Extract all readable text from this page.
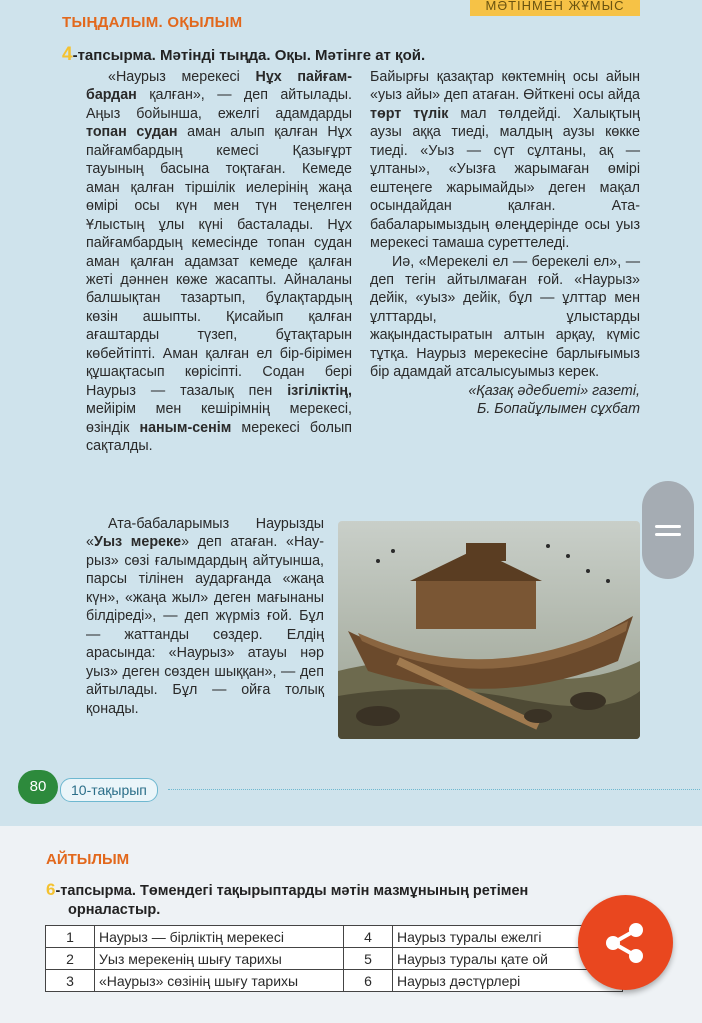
МӘТІНМЕН ЖҰМЫС
ТЫҢДАЛЫМ. ОҚЫЛЫМ
4-тапсырма. Мәтінді тыңда. Оқы. Мәтінге ат қой.

«Наурыз мерекесі Нұх пайғамбардан қалған», — деп айтылады. Аңыз бойынша, ежелгі адамдарды топан судан аман алып қалған Нұх пайғамбардың кемесі Қазығұрт тауының басына тоқтаған. Кемеде аман қалған тіршілік иелерінің жаңа өмірі осы күн мен түн теңелген Ұлыстың ұлы күні басталады. Нұх пайғамбардың кемесінде топан судан аман қалған адамзат кемеде қалған жеті дәннен көже жасапты. Айналаны балшықтан тазартып, бұлақтардың көзін ашыпты. Қисайып қалған ағаштарды түзеп, бұтақтарын көбейтіпті. Аман қалған ел бір-бірімен құшақтасып көрісіпті. Содан бері Наурыз — тазалық пен ізгіліктің, мейірім мен кешірімнің мерекесі, өзіндік наным-сенім мерекесі болып сақталды.

Ата-бабаларымыз Наурызды «Уыз мереке» деп атаған. «Наурыз» сөзі ғалымдардың айтуынша, парсы тілінен аударғанда «жаңа күн», «жаңа жыл» деген мағынаны білдіреді», — деп жүрміз ғой. Бұл — жаттанды сөздер. Елдің арасында: «Наурыз» атауы нәр уыз» деген сөзден шыққан», — деп айтылады. Бұл — ойға толық қонады.

Байырғы қазақтар көктемнің осы айын «уыз айы» деп атаған. Өйткені осы айда төрт түлік мал төлдейді. Халықтың аузы аққа тиеді, малдың аузы көкке тиеді. «Уыз — сүт сұлтаны, ақ — ұлтаны», «Уызға жарымаған өмірі ештеңеге жарымайды» деген мақал осындайдан қалған. Ата-бабаларымыздың өлеңдерінде осы уыз мерекесі тамаша суреттеледі.

Иә, «Мерекелі ел — берекелі ел», — деп тегін айтылмаған ғой. «Наурыз» дейік, «уыз» дейік, бұл — ұлттар мен ұлттарды, ұлыстарды жақындастыратын алтын арқау, күміс тұтқа. Наурыз мерекесіне барлығымыз бір адамдай атсалысуымыз керек.

«Қазақ әдебиеті» газеті,
Б. Бопайұлымен сұхбат

80	10-тақырып
АЙТЫЛЫМ
6-тапсырма. Төмендегі тақырыптарды мәтін мазмұнының ретімен
орналастыр.
1	Наурыз — бірліктің мерекесі	4	Наурыз туралы ежелгі
2	Уыз мерекенің шығу тарихы	5	Наурыз туралы қате ой
3	«Наурыз» сөзінің шығу тарихы	6	Наурыз дәстүрлері
